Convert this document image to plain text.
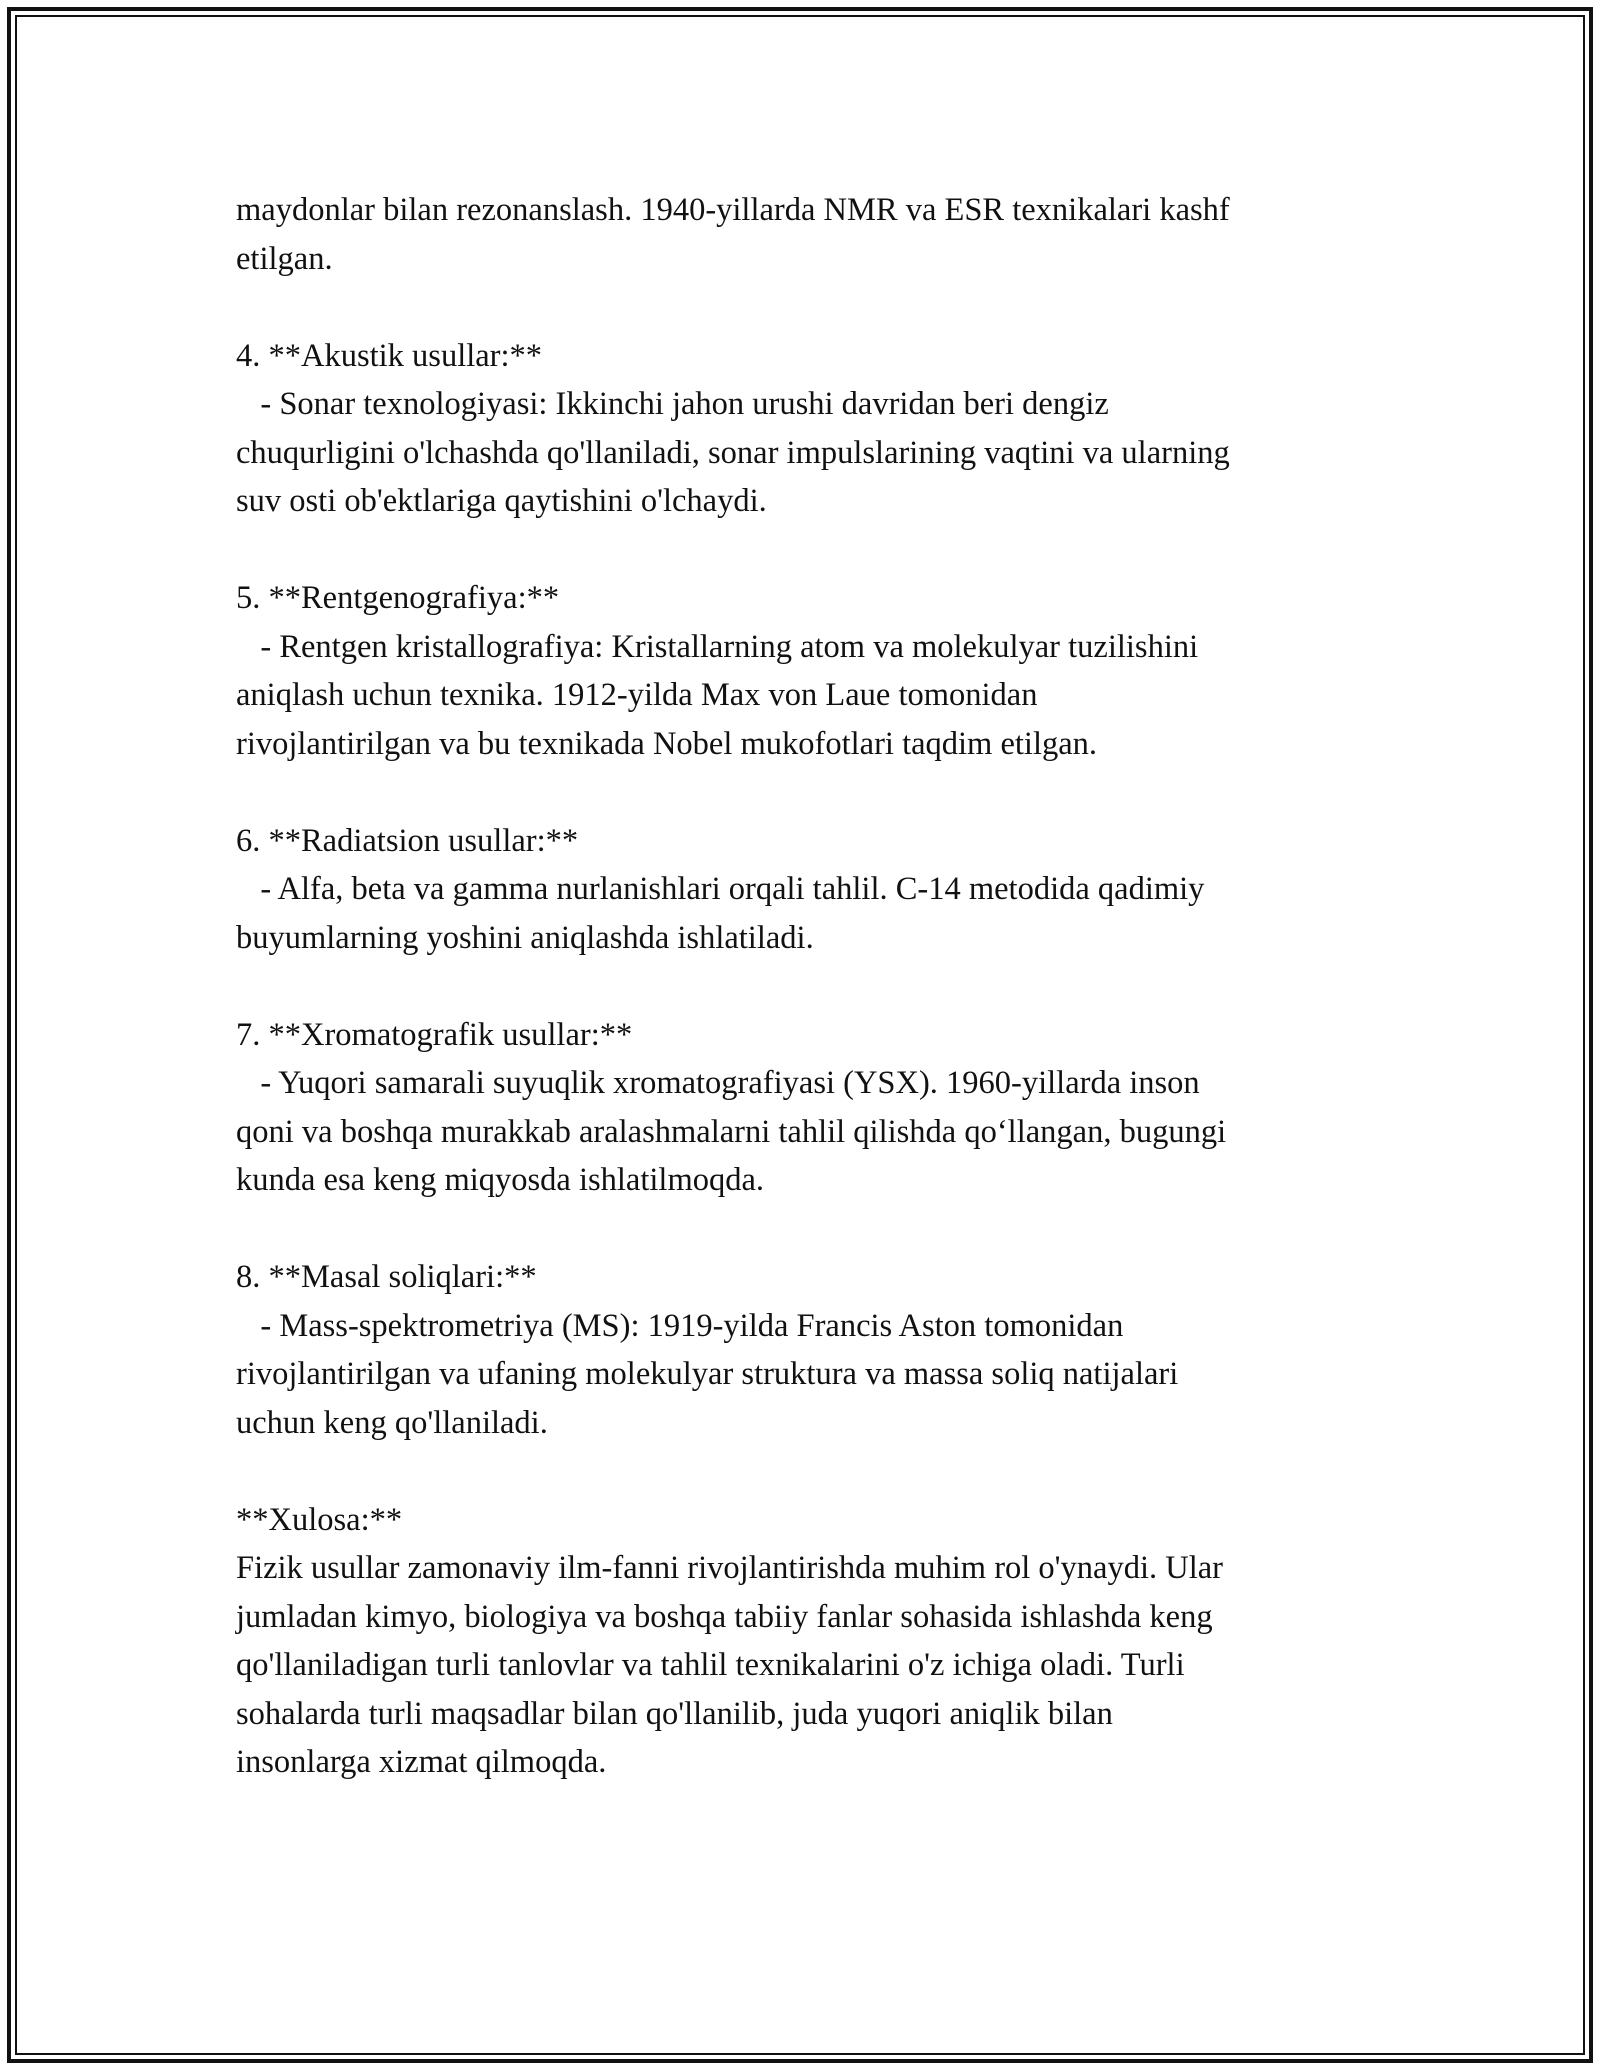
maydonlar bilan rezonanslash. 1940-yillarda NMR va ESR texnikalari kashf
etilgan.
4. **Akustik usullar:**
- Sonar texnologiyasi: Ikkinchi jahon urushi davridan beri dengiz
chuqurligini o'lchashda qo'llaniladi, sonar impulslarining vaqtini va ularning
suv osti ob'ektlariga qaytishini o'lchaydi.
5. **Rentgenografiya:**
- Rentgen kristallografiya: Kristallarning atom va molekulyar tuzilishini
aniqlash uchun texnika. 1912-yilda Max von Laue tomonidan
rivojlantirilgan va bu texnikada Nobel mukofotlari taqdim etilgan.
6. **Radiatsion usullar:**
- Alfa, beta va gamma nurlanishlari orqali tahlil. C-14 metodida qadimiy
buyumlarning yoshini aniqlashda ishlatiladi.
7. **Xromatografik usullar:**
- Yuqori samarali suyuqlik xromatografiyasi (YSX). 1960-yillarda inson
qoni va boshqa murakkab aralashmalarni tahlil qilishda qo‘llangan, bugungi
kunda esa keng miqyosda ishlatilmoqda.
8. **Masal soliqlari:**
- Mass-spektrometriya (MS): 1919-yilda Francis Aston tomonidan
rivojlantirilgan va ufaning molekulyar struktura va massa soliq natijalari
uchun keng qo'llaniladi.
**Xulosa:**
Fizik usullar zamonaviy ilm-fanni rivojlantirishda muhim rol o'ynaydi. Ular
jumladan kimyo, biologiya va boshqa tabiiy fanlar sohasida ishlashda keng
qo'llaniladigan turli tanlovlar va tahlil texnikalarini o'z ichiga oladi. Turli
sohalarda turli maqsadlar bilan qo'llanilib, juda yuqori aniqlik bilan
insonlarga xizmat qilmoqda.
